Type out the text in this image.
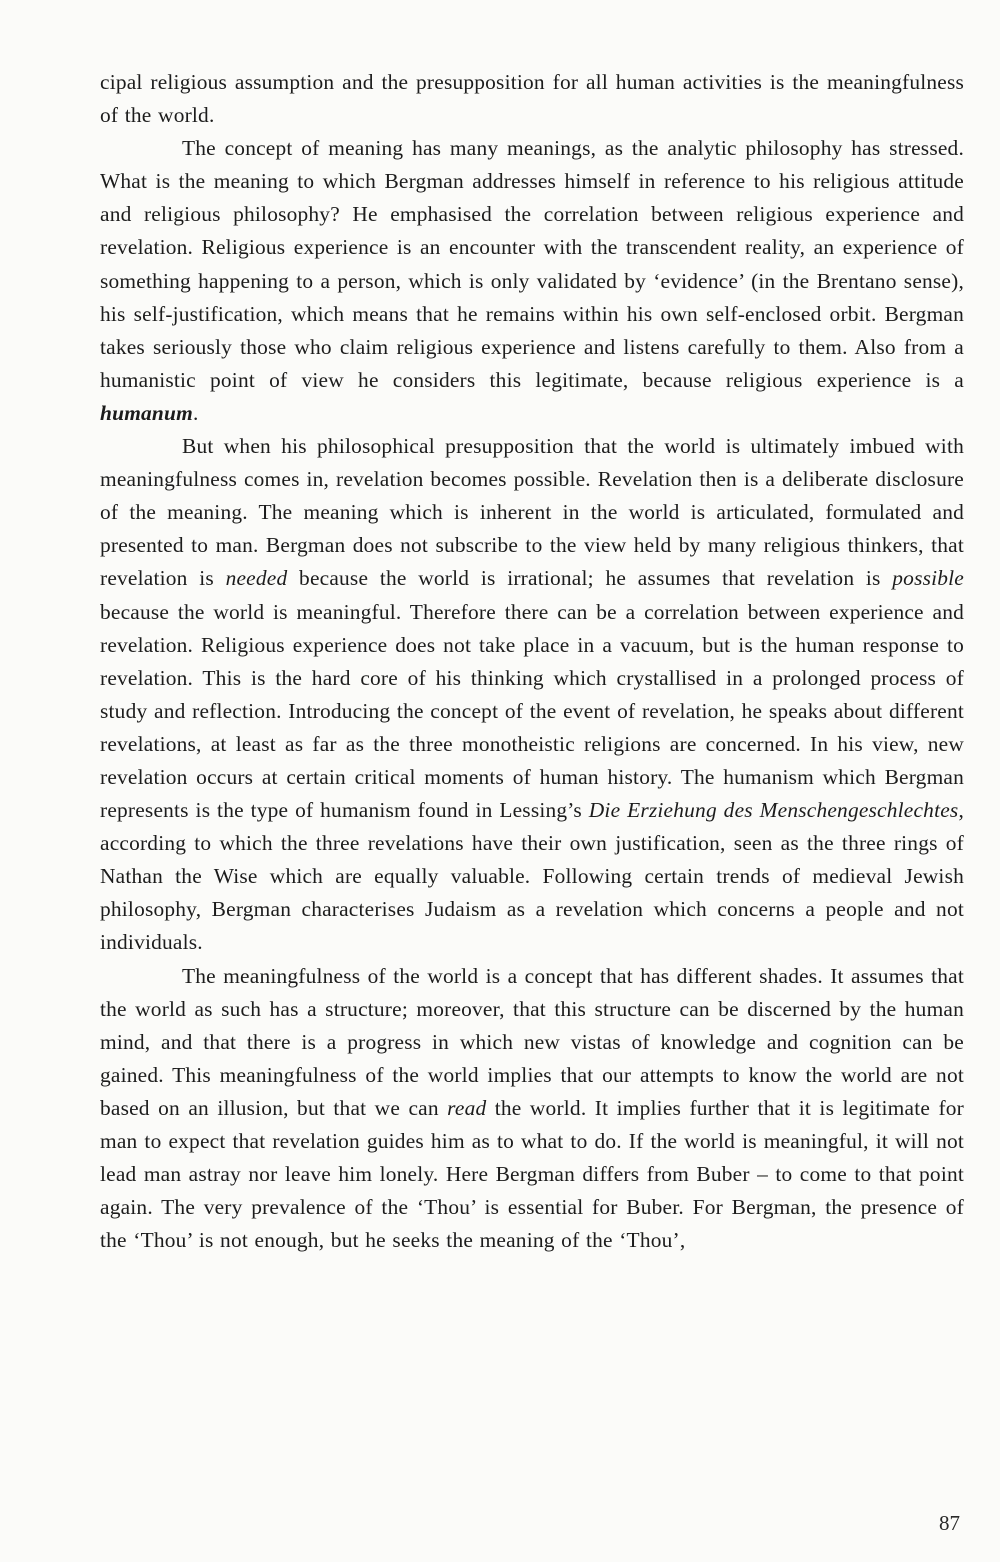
cipal religious assumption and the presupposition for all human activities is the meaningfulness of the world.

The concept of meaning has many meanings, as the analytic philosophy has stressed. What is the meaning to which Bergman addresses himself in reference to his religious attitude and religious philosophy? He emphasised the correlation between religious experience and revelation. Religious experience is an encounter with the transcendent reality, an experience of something happening to a person, which is only validated by ‘evidence’ (in the Brentano sense), his self-justification, which means that he remains within his own self-enclosed orbit. Bergman takes seriously those who claim religious experience and listens carefully to them. Also from a humanistic point of view he considers this legitimate, because religious experience is a humanum.

But when his philosophical presupposition that the world is ultimately imbued with meaningfulness comes in, revelation becomes possible. Revelation then is a deliberate disclosure of the meaning. The meaning which is inherent in the world is articulated, formulated and presented to man. Bergman does not subscribe to the view held by many religious thinkers, that revelation is needed because the world is irrational; he assumes that revelation is possible because the world is meaningful. Therefore there can be a correlation between experience and revelation. Religious experience does not take place in a vacuum, but is the human response to revelation. This is the hard core of his thinking which crystallised in a prolonged process of study and reflection. Introducing the concept of the event of revelation, he speaks about different revelations, at least as far as the three monotheistic religions are concerned. In his view, new revelation occurs at certain critical moments of human history. The humanism which Bergman represents is the type of humanism found in Lessing’s Die Erziehung des Menschengeschlechtes, according to which the three revelations have their own justification, seen as the three rings of Nathan the Wise which are equally valuable. Following certain trends of medieval Jewish philosophy, Bergman characterises Judaism as a revelation which concerns a people and not individuals.

The meaningfulness of the world is a concept that has different shades. It assumes that the world as such has a structure; moreover, that this structure can be discerned by the human mind, and that there is a progress in which new vistas of knowledge and cognition can be gained. This meaningfulness of the world implies that our attempts to know the world are not based on an illusion, but that we can read the world. It implies further that it is legitimate for man to expect that revelation guides him as to what to do. If the world is meaningful, it will not lead man astray nor leave him lonely. Here Bergman differs from Buber – to come to that point again. The very prevalence of the ‘Thou’ is essential for Buber. For Bergman, the presence of the ‘Thou’ is not enough, but he seeks the meaning of the ‘Thou’,

87
